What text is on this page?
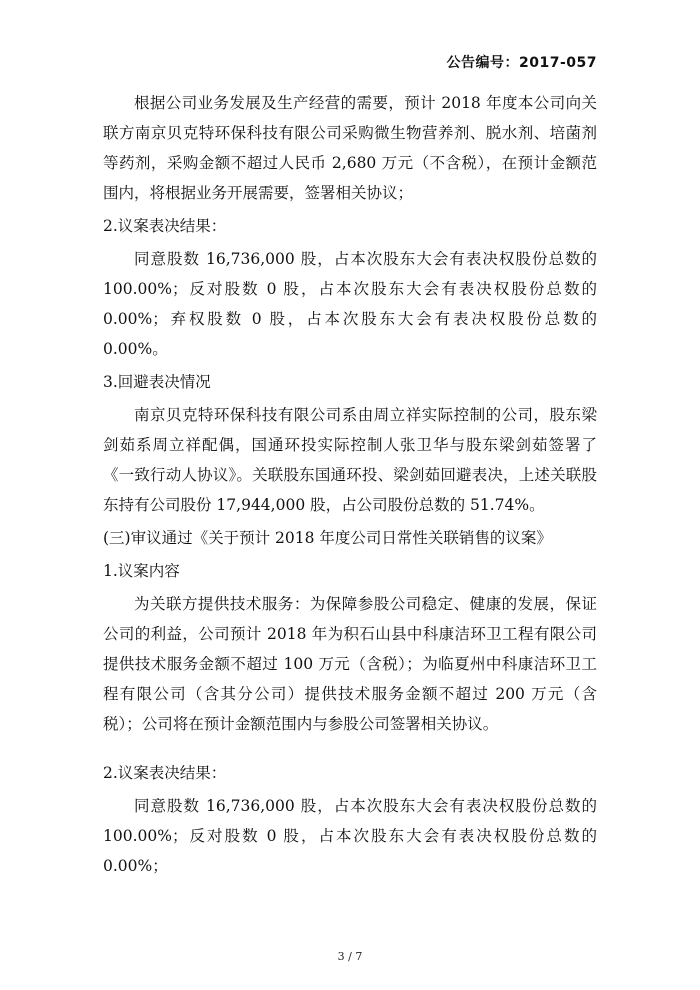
公告编号：2017-057

根据公司业务发展及生产经营的需要，预计 2018 年度本公司向关联方南京贝克特环保科技有限公司采购微生物营养剂、脱水剂、培菌剂等药剂，采购金额不超过人民币 2,680 万元（不含税），在预计金额范围内，将根据业务开展需要，签署相关协议；

2.议案表决结果：

同意股数 16,736,000 股，占本次股东大会有表决权股份总数的 100.00%；反对股数 0 股，占本次股东大会有表决权股份总数的 0.00%；弃权股数 0 股，占本次股东大会有表决权股份总数的 0.00%。

3.回避表决情况

南京贝克特环保科技有限公司系由周立祥实际控制的公司，股东梁剑茹系周立祥配偶，国通环投实际控制人张卫华与股东梁剑茹签署了《一致行动人协议》。关联股东国通环投、梁剑茹回避表决，上述关联股东持有公司股份 17,944,000 股，占公司股份总数的 51.74%。

(三)审议通过《关于预计 2018 年度公司日常性关联销售的议案》

1.议案内容

为关联方提供技术服务：为保障参股公司稳定、健康的发展，保证公司的利益，公司预计 2018 年为积石山县中科康洁环卫工程有限公司提供技术服务金额不超过 100 万元（含税）；为临夏州中科康洁环卫工程有限公司（含其分公司）提供技术服务金额不超过 200 万元（含税）；公司将在预计金额范围内与参股公司签署相关协议。

2.议案表决结果：

同意股数 16,736,000 股，占本次股东大会有表决权股份总数的 100.00%；反对股数 0 股，占本次股东大会有表决权股份总数的 0.00%；

3 / 7
